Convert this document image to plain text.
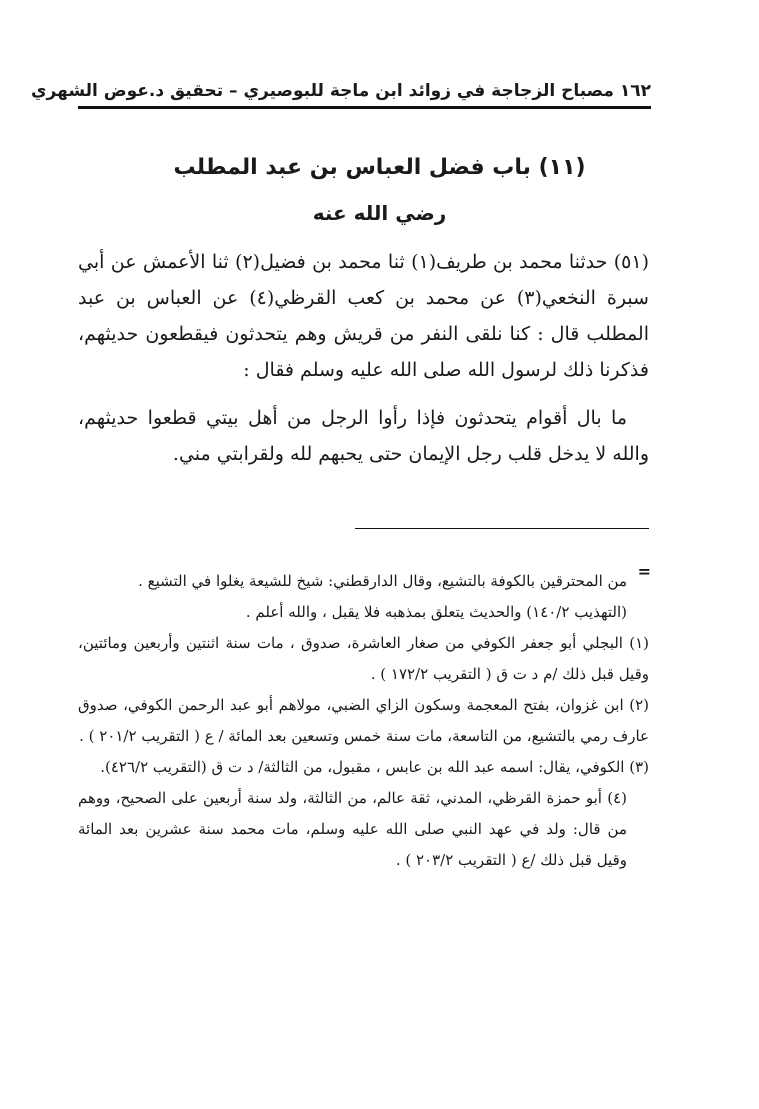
١٦٢ مصباح الزجاجة في زوائد ابن ماجة للبوصيري – تحقيق د.عوض الشهري
(١١) باب فضل العباس بن عبد المطلب
رضي الله عنه

(٥١) حدثنا محمد بن طريف(١) ثنا محمد بن فضيل(٢) ثنا الأعمش عن أبي سبرة النخعي(٣) عن محمد بن كعب القرظي(٤) عن العباس بن عبد المطلب قال : كنا نلقى النفر من قريش وهم يتحدثون فيقطعون حديثهم، فذكرنا ذلك لرسول الله صلى الله عليه وسلم فقال :

ما بال أقوام يتحدثون فإذا رأوا الرجل من أهل بيتي قطعوا حديثهم، والله لا يدخل قلب رجل الإيمان حتى يحبهم لله ولقرابتي مني.

=

من المحترقين بالكوفة بالتشيع، وقال الدارقطني: شيخ للشيعة يغلوا في التشيع .

(التهذيب ١٤٠/٢) والحديث يتعلق بمذهبه فلا يقبل ، والله أعلم .

(١) البجلي أبو جعفر الكوفي من صغار العاشرة، صدوق ، مات سنة اثنتين وأربعين ومائتين، وقيل قبل ذلك /م د ت ق ( التقريب ١٧٢/٢ ) .

(٢) ابن غزوان، بفتح المعجمة وسكون الزاي الضبي، مولاهم أبو عبد الرحمن الكوفي، صدوق عارف رمي بالتشيع، من التاسعة، مات سنة خمس وتسعين بعد المائة / ع ( التقريب ٢٠١/٢ ) .

(٣) الكوفي، يقال: اسمه عبد الله بن عابس ، مقبول، من الثالثة/ د ت ق (التقريب ٤٢٦/٢).

(٤) أبو حمزة القرظي، المدني، ثقة عالم، من الثالثة، ولد سنة أربعين على الصحيح، ووهم من قال: ولد في عهد النبي صلى الله عليه وسلم، مات محمد سنة عشرين بعد المائة وقيل قبل ذلك /ع ( التقريب ٢٠٣/٢ ) .
